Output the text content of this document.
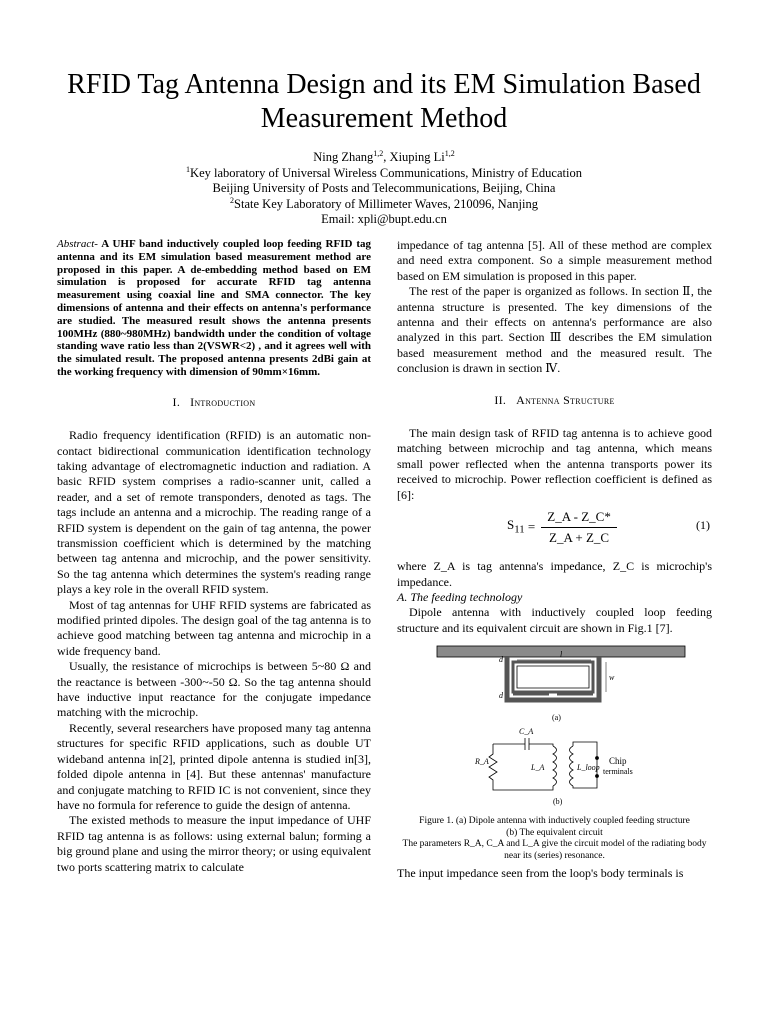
RFID Tag Antenna Design and its EM Simulation Based Measurement Method
Ning Zhang$^{1,2}$, Xiuping Li$^{1,2}$
$^1$Key laboratory of Universal Wireless Communications, Ministry of Education
Beijing University of Posts and Telecommunications, Beijing, China
$^2$State Key Laboratory of Millimeter Waves, 210096, Nanjing
Email: xpli@bupt.edu.cn

Abstract- A UHF band inductively coupled loop feeding RFID tag antenna and its EM simulation based measurement method are proposed in this paper. A de-embedding method based on EM simulation is proposed for accurate RFID tag antenna measurement using coaxial line and SMA connector. The key dimensions of antenna and their effects on antenna's performance are studied. The measured result shows the antenna presents 100MHz (880~980MHz) bandwidth under the condition of voltage standing wave ratio less than 2(VSWR<2) , and it agrees well with the simulated result. The proposed antenna presents 2dBi gain at the working frequency with dimension of 90mm×16mm.

I. Introduction

Radio frequency identification (RFID) is an automatic non-contact bidirectional communication identification technology taking advantage of electromagnetic induction and radiation. A basic RFID system comprises a radio-scanner unit, called a reader, and a set of remote transponders, denoted as tags. The tags include an antenna and a microchip. The reading range of a RFID system is dependent on the gain of tag antenna, the power transmission coefficient which is determined by the matching between tag antenna and microchip, and the power sensitivity. So the tag antenna which determines the system's reading range plays a key role in the overall RFID system.

Most of tag antennas for UHF RFID systems are fabricated as modified printed dipoles. The design goal of the tag antenna is to achieve good matching between tag antenna and microchip in a wide frequency band.

Usually, the resistance of microchips is between 5~80 Ω and the reactance is between -300~-50 Ω. So the tag antenna should have inductive input reactance for the conjugate impedance matching with the microchip.

Recently, several researchers have proposed many tag antenna structures for specific RFID applications, such as double UT wideband antenna in[2], printed dipole antenna is studied in[3], folded dipole antenna in [4]. But these antennas' manufacture and conjugate matching to RFID IC is not convenient, since they have no formula for reference to guide the design of antenna.

The existed methods to measure the input impedance of UHF RFID tag antenna is as follows: using external balun; forming a big ground plane and using the mirror theory; or using equivalent two ports scattering matrix to calculate

impedance of tag antenna [5]. All of these method are complex and need extra component. So a simple measurement method based on EM simulation is proposed in this paper.

The rest of the paper is organized as follows. In section Ⅱ, the antenna structure is presented. The key dimensions of the antenna and their effects on antenna's performance are also analyzed in this part. Section Ⅲ describes the EM simulation based measurement method and the measured result. The conclusion is drawn in section Ⅳ.

II. Antenna Structure

The main design task of RFID tag antenna is to achieve good matching between microchip and tag antenna, which means small power reflected when the antenna transports power its received to microchip. Power reflection coefficient is defined as [6]:

$S_{11} = \frac{Z\_A - Z\_C*}{Z\_A + Z\_C}$	(1)

where Z_A is tag antenna's impedance, Z_C is microchip's impedance.

A. The feeding technology

Dipole antenna with inductively coupled loop feeding structure and its equivalent circuit are shown in Fig.1 [7].

l
w
d
d
(a)
C_A
R_A
L_A	L_loop
Chip
terminals
(b)
Figure 1. (a) Dipole antenna with inductively coupled feeding structure
(b) The equivalent circuit
The parameters R_A, C_A and L_A give the circuit model of the radiating body
near its (series) resonance.

The input impedance seen from the loop's body terminals is
